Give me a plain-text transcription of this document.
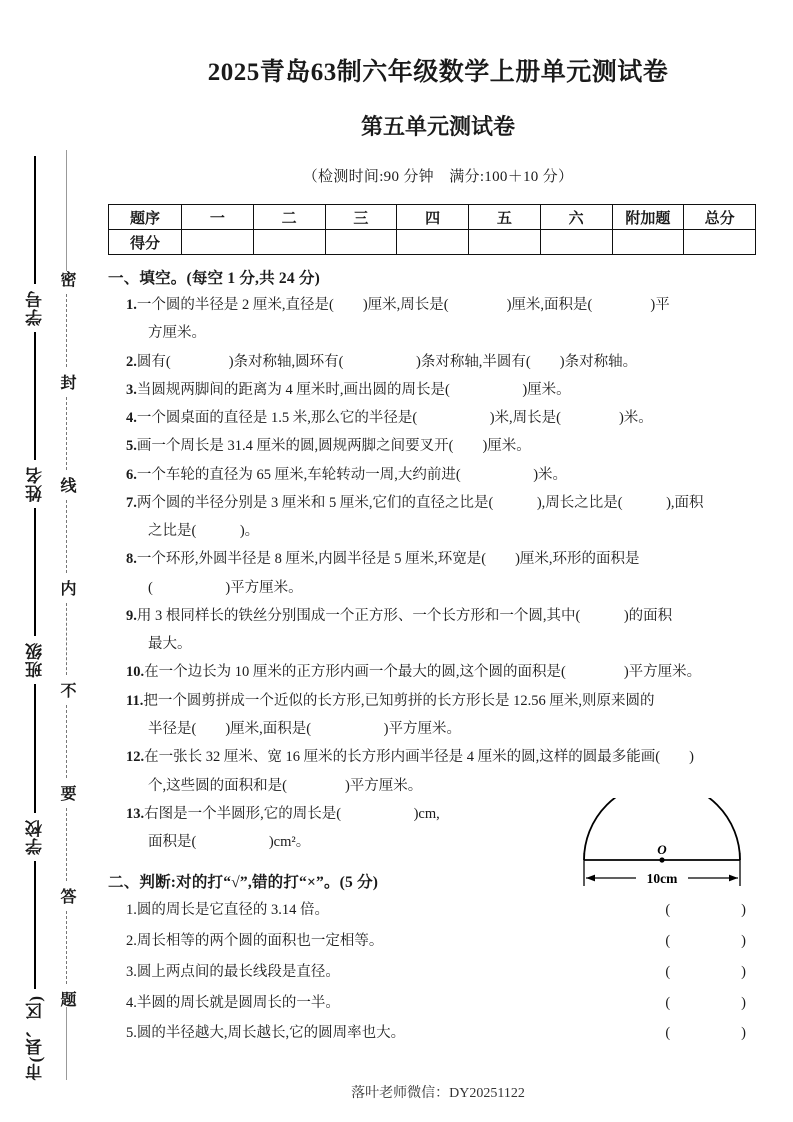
学号
姓名
班级
学校
市(县、区)
密
封
线
内
不
要
答
题
2025青岛63制六年级数学上册单元测试卷
第五单元测试卷
（检测时间:90 分钟　满分:100＋10 分）
题序	一	二	三	四	五	六	附加题	总分
得分								
一、填空。(每空 1 分,共 24 分)
1.一个圆的半径是 2 厘米,直径是(　　)厘米,周长是(　　　　)厘米,面积是(　　　　)平
方厘米。
2.圆有(　　　　)条对称轴,圆环有(　　　　　)条对称轴,半圆有(　　)条对称轴。
3.当圆规两脚间的距离为 4 厘米时,画出圆的周长是(　　　　　)厘米。
4.一个圆桌面的直径是 1.5 米,那么它的半径是(　　　　　)米,周长是(　　　　)米。
5.画一个周长是 31.4 厘米的圆,圆规两脚之间要叉开(　　)厘米。
6.一个车轮的直径为 65 厘米,车轮转动一周,大约前进(　　　　　)米。
7.两个圆的半径分别是 3 厘米和 5 厘米,它们的直径之比是(　　　),周长之比是(　　　),面积
之比是(　　　)。
8.一个环形,外圆半径是 8 厘米,内圆半径是 5 厘米,环宽是(　　)厘米,环形的面积是
(　　　　　)平方厘米。
9.用 3 根同样长的铁丝分别围成一个正方形、一个长方形和一个圆,其中(　　　)的面积
最大。
10.在一个边长为 10 厘米的正方形内画一个最大的圆,这个圆的面积是(　　　　)平方厘米。
11.把一个圆剪拼成一个近似的长方形,已知剪拼的长方形长是 12.56 厘米,则原来圆的
半径是(　　)厘米,面积是(　　　　　)平方厘米。
12.在一张长 32 厘米、宽 16 厘米的长方形内画半径是 4 厘米的圆,这样的圆最多能画(　　)
个,这些圆的面积和是(　　　　)平方厘米。
13.右图是一个半圆形,它的周长是(　　　　　)cm,
面积是(　　　　　)cm²。	O
10cm
二、判断:对的打“√”,错的打“×”。(5 分)
1.圆的周长是它直径的 3.14 倍。	(　　)
2.周长相等的两个圆的面积也一定相等。	(　　)
3.圆上两点间的最长线段是直径。	(　　)
4.半圆的周长就是圆周长的一半。	(　　)
5.圆的半径越大,周长越长,它的圆周率也大。	(　　)
落叶老师微信：DY20251122
